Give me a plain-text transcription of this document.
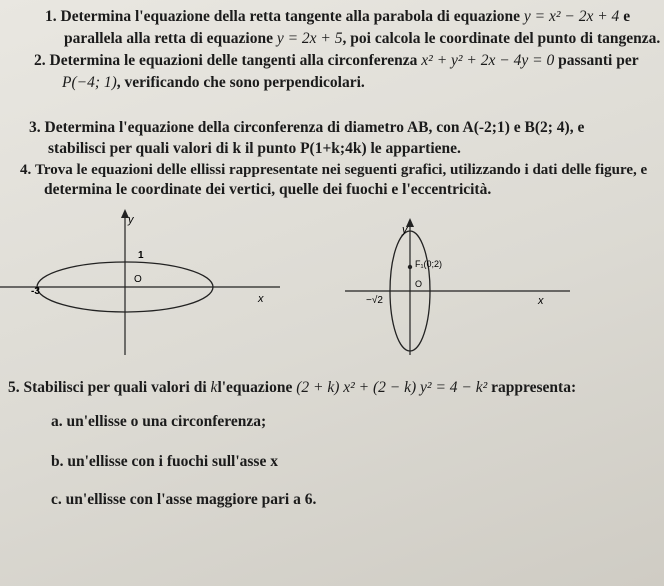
1. Determina l'equazione della retta tangente alla parabola di equazione y = x² − 2x + 4 e
parallela alla retta di equazione y = 2x + 5, poi calcola le coordinate del punto di tangenza.
2. Determina le equazioni delle tangenti alla circonferenza x² + y² + 2x − 4y = 0 passanti per
P(−4; 1), verificando che sono perpendicolari.
3. Determina l'equazione della circonferenza di diametro AB, con A(-2;1) e B(2; 4), e
stabilisci per quali valori di k il punto P(1+k;4k) le appartiene.
4. Trova le equazioni delle ellissi rappresentate nei seguenti grafici, utilizzando i dati delle figure, e
determina le coordinate dei vertici, quelle dei fuochi e l'eccentricità.
y
x
1
O
-3
y
x
F₁(0;2)
O
−√2
5. Stabilisci per quali valori di kl'equazione (2 + k) x² + (2 − k) y² = 4 − k² rappresenta:
a. un'ellisse o una circonferenza;
b. un'ellisse con i fuochi sull'asse x
c. un'ellisse con l'asse maggiore pari a 6.
